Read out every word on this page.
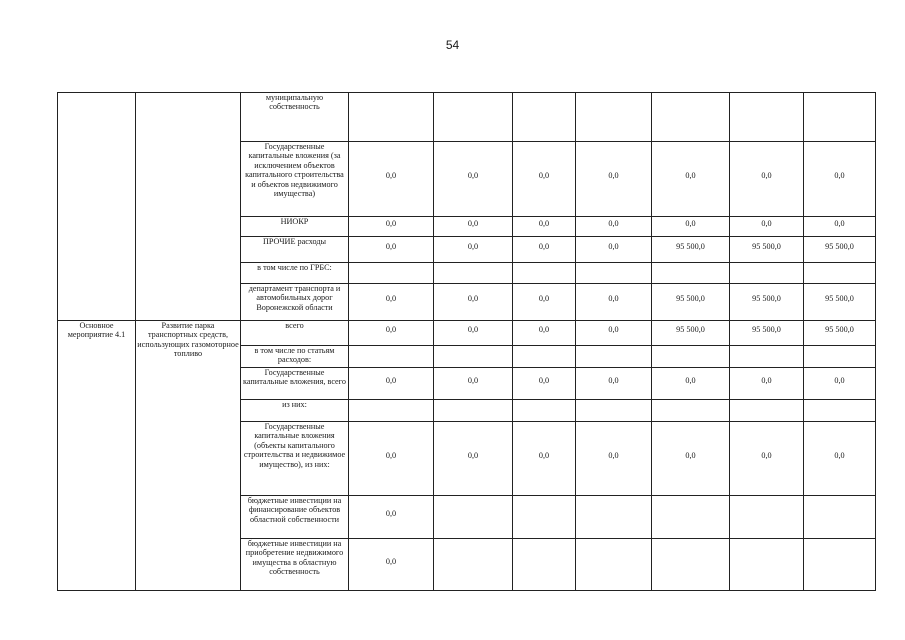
54
		муниципальную собственность	

		Государственные капитальные вложения (за исключением объектов капитального строительства и объектов недвижимого имущества)	0,0	0,0	0,0	0,0	0,0	0,0	0,0

		НИОКР	0,0	0,0	0,0	0,0	0,0	0,0	0,0

		ПРОЧИЕ расходы	0,0	0,0	0,0	0,0	95 500,0	95 500,0	95 500,0

		в том числе по ГРБС:	

		департамент транспорта и автомобильных дорог Воронежской области	0,0	0,0	0,0	0,0	95 500,0	95 500,0	95 500,0

Основное мероприятие 4.1	Развитие парка транспортных средств, использующих газомоторное топливо	всего	0,0	0,0	0,0	0,0	95 500,0	95 500,0	95 500,0

		в том числе по статьям расходов:	

		Государственные капитальные вложения, всего	0,0	0,0	0,0	0,0	0,0	0,0	0,0

		из них:	

		Государственные капитальные вложения (объекты капитального строительства и недвижимое имущество), из них:	0,0	0,0	0,0	0,0	0,0	0,0	0,0

		бюджетные инвестиции на финансирование объектов областной собственности	0,0						

		бюджетные инвестиции на приобретение недвижимого имущества в областную собственность	0,0						
